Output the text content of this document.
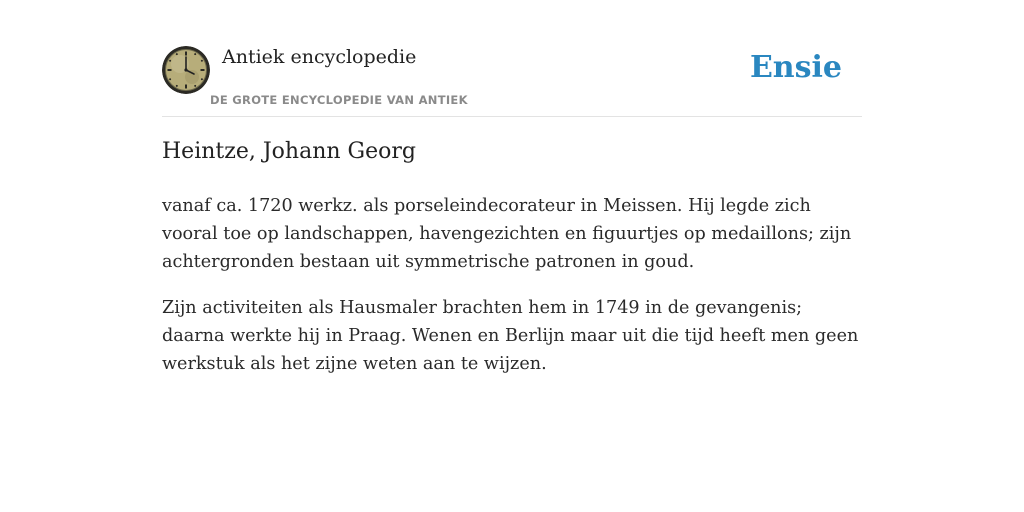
Antiek encyclopedie
DE GROTE ENCYCLOPEDIE VAN ANTIEK
Ensie
Heintze, Johann Georg

vanaf ca. 1720 werkz. als porseleindecorateur in Meissen. Hij legde zich vooral toe op landschappen, havengezichten en figuurtjes op medaillons; zijn achtergronden bestaan uit symmetrische patronen in goud.

Zijn activiteiten als Hausmaler brachten hem in 1749 in de gevangenis; daarna werkte hij in Praag. Wenen en Berlijn maar uit die tijd heeft men geen werkstuk als het zijne weten aan te wijzen.
